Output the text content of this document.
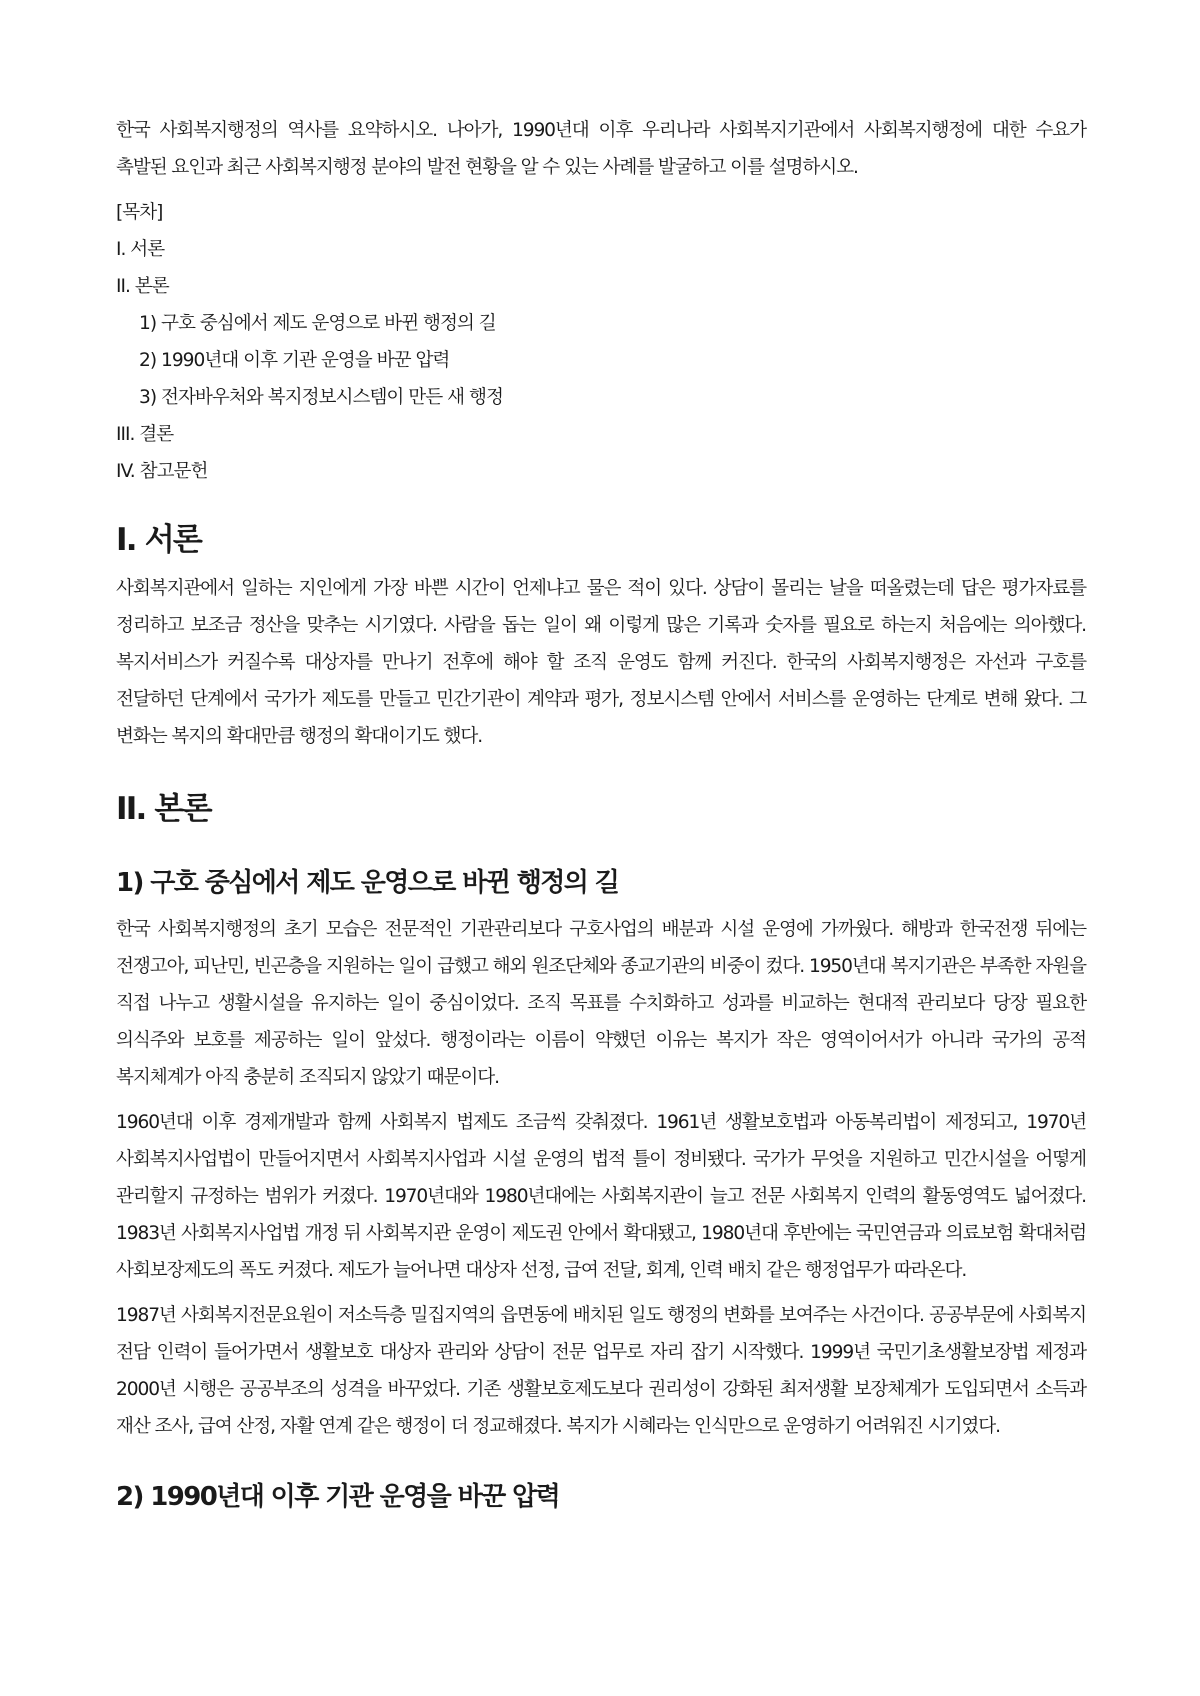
한국 사회복지행정의 역사를 요약하시오. 나아가, 1990년대 이후 우리나라 사회복지기관에서 사회복지행정에 대한 수요가 촉발된 요인과 최근 사회복지행정 분야의 발전 현황을 알 수 있는 사례를 발굴하고 이를 설명하시오.

[목차]

I. 서론

II. 본론

1) 구호 중심에서 제도 운영으로 바뀐 행정의 길

2) 1990년대 이후 기관 운영을 바꾼 압력

3) 전자바우처와 복지정보시스템이 만든 새 행정

III. 결론

IV. 참고문헌

I. 서론

사회복지관에서 일하는 지인에게 가장 바쁜 시간이 언제냐고 물은 적이 있다. 상담이 몰리는 날을 떠올렸는데 답은 평가자료를 정리하고 보조금 정산을 맞추는 시기였다. 사람을 돕는 일이 왜 이렇게 많은 기록과 숫자를 필요로 하는지 처음에는 의아했다. 복지서비스가 커질수록 대상자를 만나기 전후에 해야 할 조직 운영도 함께 커진다. 한국의 사회복지행정은 자선과 구호를 전달하던 단계에서 국가가 제도를 만들고 민간기관이 계약과 평가, 정보시스템 안에서 서비스를 운영하는 단계로 변해 왔다. 그 변화는 복지의 확대만큼 행정의 확대이기도 했다.

II. 본론
1) 구호 중심에서 제도 운영으로 바뀐 행정의 길

한국 사회복지행정의 초기 모습은 전문적인 기관관리보다 구호사업의 배분과 시설 운영에 가까웠다. 해방과 한국전쟁 뒤에는 전쟁고아, 피난민, 빈곤층을 지원하는 일이 급했고 해외 원조단체와 종교기관의 비중이 컸다. 1950년대 복지기관은 부족한 자원을 직접 나누고 생활시설을 유지하는 일이 중심이었다. 조직 목표를 수치화하고 성과를 비교하는 현대적 관리보다 당장 필요한 의식주와 보호를 제공하는 일이 앞섰다. 행정이라는 이름이 약했던 이유는 복지가 작은 영역이어서가 아니라 국가의 공적 복지체계가 아직 충분히 조직되지 않았기 때문이다.

1960년대 이후 경제개발과 함께 사회복지 법제도 조금씩 갖춰졌다. 1961년 생활보호법과 아동복리법이 제정되고, 1970년 사회복지사업법이 만들어지면서 사회복지사업과 시설 운영의 법적 틀이 정비됐다. 국가가 무엇을 지원하고 민간시설을 어떻게 관리할지 규정하는 범위가 커졌다. 1970년대와 1980년대에는 사회복지관이 늘고 전문 사회복지 인력의 활동영역도 넓어졌다. 1983년 사회복지사업법 개정 뒤 사회복지관 운영이 제도권 안에서 확대됐고, 1980년대 후반에는 국민연금과 의료보험 확대처럼 사회보장제도의 폭도 커졌다. 제도가 늘어나면 대상자 선정, 급여 전달, 회계, 인력 배치 같은 행정업무가 따라온다.

1987년 사회복지전문요원이 저소득층 밀집지역의 읍면동에 배치된 일도 행정의 변화를 보여주는 사건이다. 공공부문에 사회복지 전담 인력이 들어가면서 생활보호 대상자 관리와 상담이 전문 업무로 자리 잡기 시작했다. 1999년 국민기초생활보장법 제정과 2000년 시행은 공공부조의 성격을 바꾸었다. 기존 생활보호제도보다 권리성이 강화된 최저생활 보장체계가 도입되면서 소득과 재산 조사, 급여 산정, 자활 연계 같은 행정이 더 정교해졌다. 복지가 시혜라는 인식만으로 운영하기 어려워진 시기였다.

2) 1990년대 이후 기관 운영을 바꾼 압력
